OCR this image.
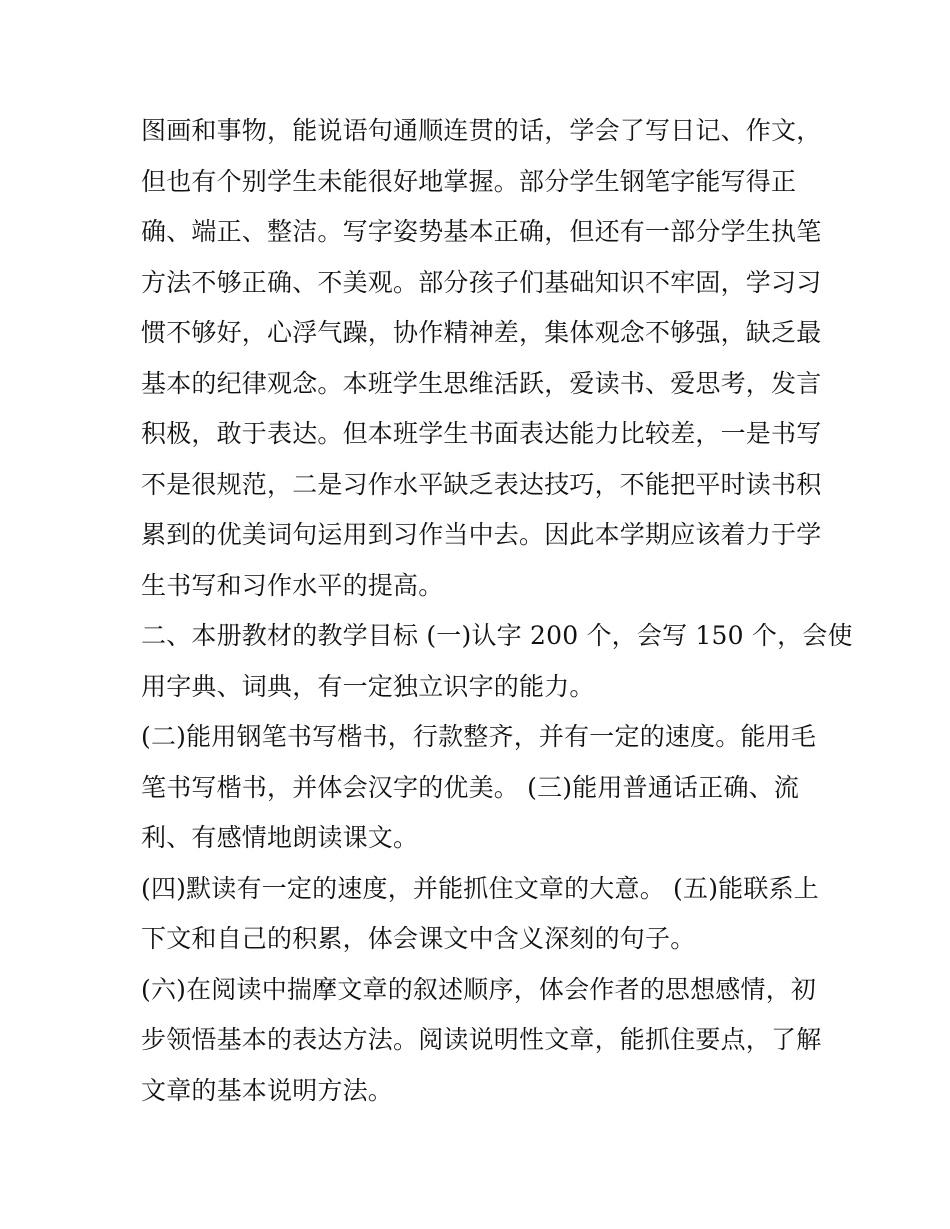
图画和事物，能说语句通顺连贯的话，学会了写日记、作文，
但也有个别学生未能很好地掌握。部分学生钢笔字能写得正
确、端正、整洁。写字姿势基本正确，但还有一部分学生执笔
方法不够正确、不美观。部分孩子们基础知识不牢固，学习习
惯不够好，心浮气躁，协作精神差，集体观念不够强，缺乏最
基本的纪律观念。本班学生思维活跃，爱读书、爱思考，发言
积极，敢于表达。但本班学生书面表达能力比较差，一是书写
不是很规范，二是习作水平缺乏表达技巧，不能把平时读书积
累到的优美词句运用到习作当中去。因此本学期应该着力于学
生书写和习作水平的提高。
二、本册教材的教学目标 (一)认字 200 个，会写 150 个，会使
用字典、词典，有一定独立识字的能力。
(二)能用钢笔书写楷书，行款整齐，并有一定的速度。能用毛
笔书写楷书，并体会汉字的优美。 (三)能用普通话正确、流
利、有感情地朗读课文。
(四)默读有一定的速度，并能抓住文章的大意。 (五)能联系上
下文和自己的积累，体会课文中含义深刻的句子。
(六)在阅读中揣摩文章的叙述顺序，体会作者的思想感情，初
步领悟基本的表达方法。阅读说明性文章，能抓住要点，了解
文章的基本说明方法。
